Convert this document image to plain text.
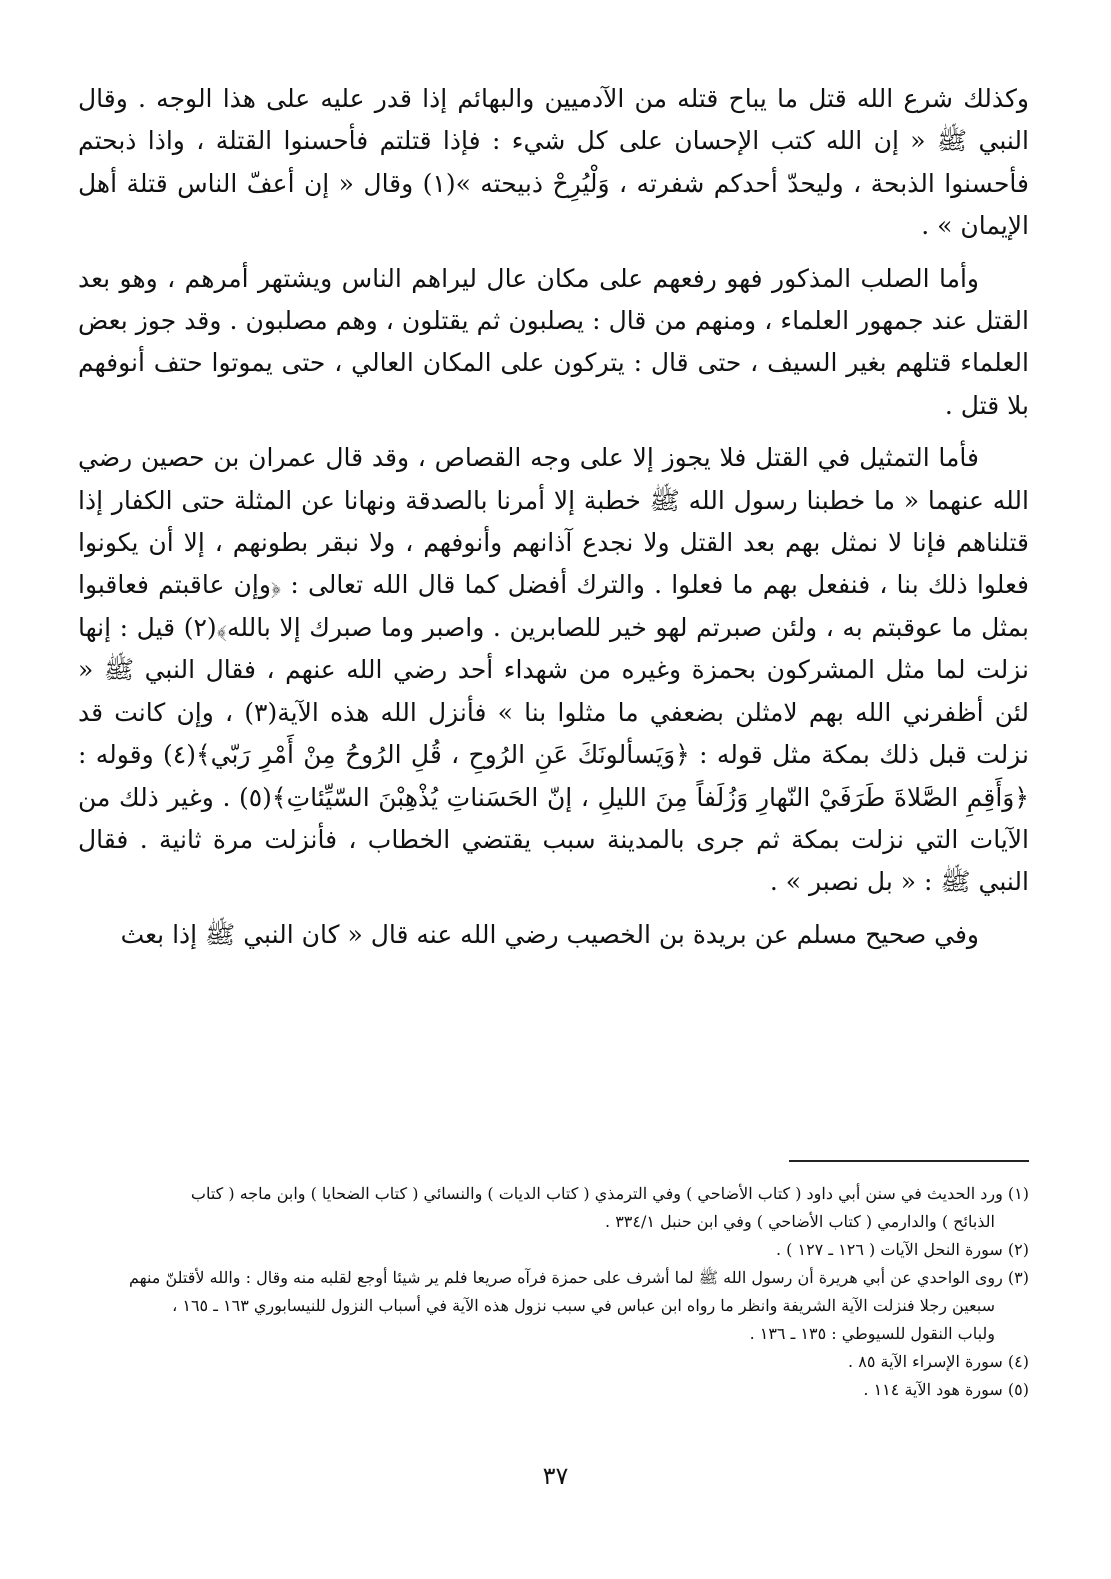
وكذلك شرع الله قتل ما يباح قتله من الآدميين والبهائم إذا قدر عليه على هذا الوجه . وقال النبي ﷺ « إن الله كتب الإحسان على كل شيء : فإذا قتلتم فأحسنوا القتلة ، واذا ذبحتم فأحسنوا الذبحة ، وليحدّ أحدكم شفرته ، وَلْيُرِحْ ذبيحته »(١) وقال « إن أعفّ الناس قتلة أهل الإيمان » .

وأما الصلب المذكور فهو رفعهم على مكان عال ليراهم الناس ويشتهر أمرهم ، وهو بعد القتل عند جمهور العلماء ، ومنهم من قال : يصلبون ثم يقتلون ، وهم مصلبون . وقد جوز بعض العلماء قتلهم بغير السيف ، حتى قال : يتركون على المكان العالي ، حتى يموتوا حتف أنوفهم بلا قتل .

فأما التمثيل في القتل فلا يجوز إلا على وجه القصاص ، وقد قال عمران بن حصين رضي الله عنهما « ما خطبنا رسول الله ﷺ خطبة إلا أمرنا بالصدقة ونهانا عن المثلة حتى الكفار إذا قتلناهم فإنا لا نمثل بهم بعد القتل ولا نجدع آذانهم وأنوفهم ، ولا نبقر بطونهم ، إلا أن يكونوا فعلوا ذلك بنا ، فنفعل بهم ما فعلوا . والترك أفضل كما قال الله تعالى : ﴿وإن عاقبتم فعاقبوا بمثل ما عوقبتم به ، ولئن صبرتم لهو خير للصابرين . واصبر وما صبرك إلا بالله﴾(٢) قيل : إنها نزلت لما مثل المشركون بحمزة وغيره من شهداء أحد رضي الله عنهم ، فقال النبي ﷺ « لئن أظفرني الله بهم لامثلن بضعفي ما مثلوا بنا » فأنزل الله هذه الآية(٣) ، وإن كانت قد نزلت قبل ذلك بمكة مثل قوله : ﴿وَيَسألونَكَ عَنِ الرُوحِ ، قُلِ الرُوحُ مِنْ أَمْرِ رَبّي﴾(٤) وقوله : ﴿وَأَقِمِ الصَّلاةَ طَرَفَيْ النّهارِ وَزُلَفاً مِنَ الليلِ ، إنّ الحَسَناتِ يُذْهِبْنَ السّيِّئاتِ﴾(٥) . وغير ذلك من الآيات التي نزلت بمكة ثم جرى بالمدينة سبب يقتضي الخطاب ، فأنزلت مرة ثانية . فقال النبي ﷺ : « بل نصبر » .

وفي صحيح مسلم عن بريدة بن الخصيب رضي الله عنه قال « كان النبي ﷺ إذا بعث

(١) ورد الحديث في سنن أبي داود ( كتاب الأضاحي ) وفي الترمذي ( كتاب الديات ) والنسائي ( كتاب الضحايا ) وابن ماجه ( كتاب

الذبائح ) والدارمي ( كتاب الأضاحي ) وفي ابن حنبل ٣٣٤/١ .

(٢) سورة النحل الآيات ( ١٢٦ ـ ١٢٧ ) .

(٣) روى الواحدي عن أبي هريرة أن رسول الله ﷺ لما أشرف على حمزة فرآه صريعا فلم ير شيئا أوجع لقلبه منه وقال : والله لأقتلنّ منهم

سبعين رجلا فنزلت الآية الشريفة وانظر ما رواه ابن عباس في سبب نزول هذه الآية في أسباب النزول للنيسابوري ١٦٣ ـ ١٦٥ ،

ولباب النقول للسيوطي : ١٣٥ ـ ١٣٦ .

(٤) سورة الإسراء الآية ٨٥ .

(٥) سورة هود الآية ١١٤ .

٣٧
